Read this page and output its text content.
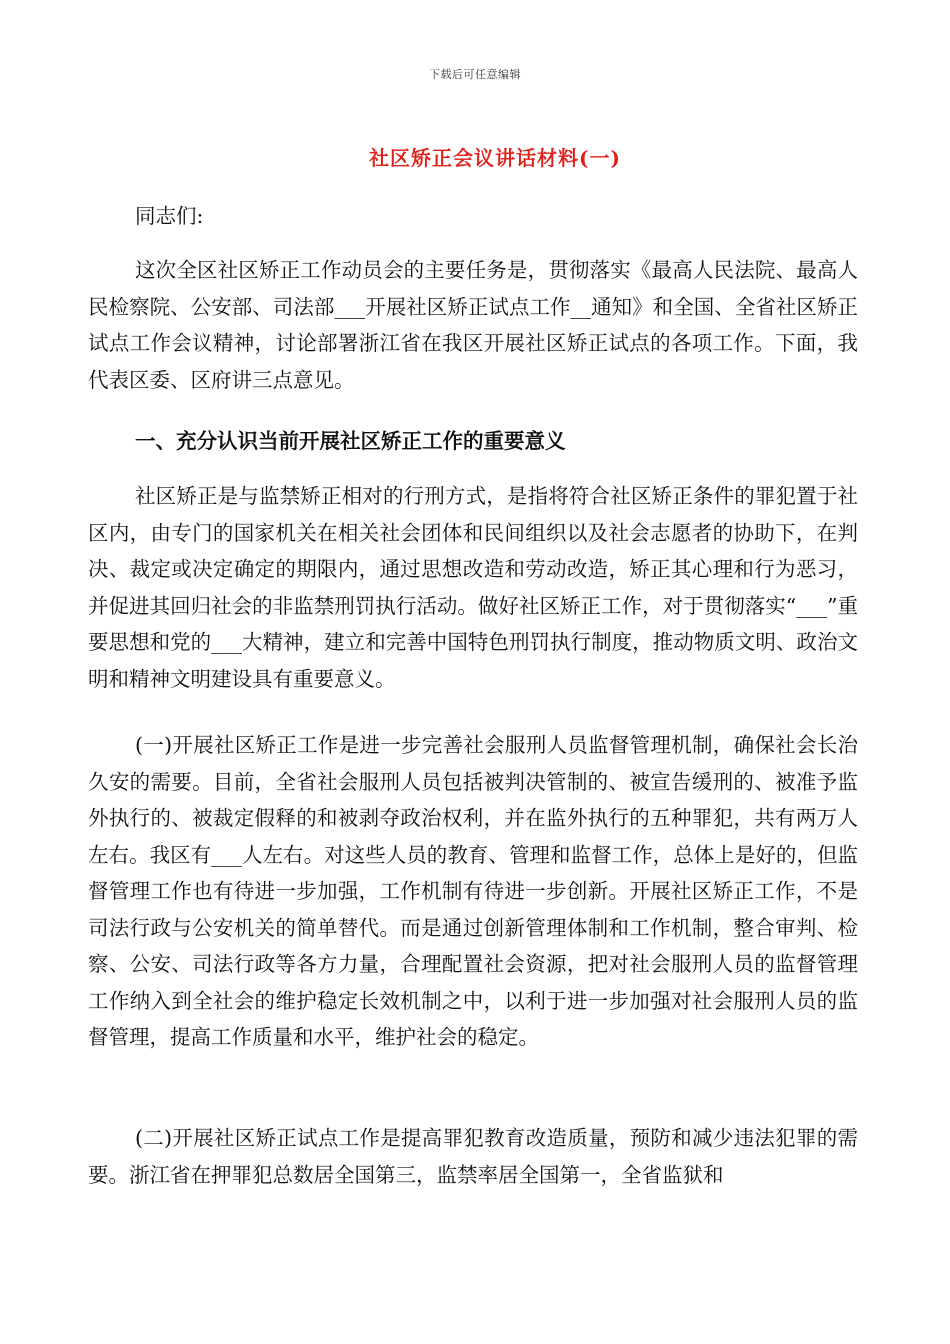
下载后可任意编辑
社区矫正会议讲话材料(一)

同志们:

这次全区社区矫正工作动员会的主要任务是，贯彻落实《最高人民法院、最高人民检察院、公安部、司法部___开展社区矫正试点工作__通知》和全国、全省社区矫正试点工作会议精神，讨论部署浙江省在我区开展社区矫正试点的各项工作。下面，我代表区委、区府讲三点意见。

一、充分认识当前开展社区矫正工作的重要意义

社区矫正是与监禁矫正相对的行刑方式，是指将符合社区矫正条件的罪犯置于社区内，由专门的国家机关在相关社会团体和民间组织以及社会志愿者的协助下，在判决、裁定或决定确定的期限内，通过思想改造和劳动改造，矫正其心理和行为恶习，并促进其回归社会的非监禁刑罚执行活动。做好社区矫正工作，对于贯彻落实“___”重要思想和党的___大精神，建立和完善中国特色刑罚执行制度，推动物质文明、政治文明和精神文明建设具有重要意义。

(一)开展社区矫正工作是进一步完善社会服刑人员监督管理机制，确保社会长治久安的需要。目前，全省社会服刑人员包括被判决管制的、被宣告缓刑的、被准予监外执行的、被裁定假释的和被剥夺政治权利，并在监外执行的五种罪犯，共有两万人左右。我区有___人左右。对这些人员的教育、管理和监督工作，总体上是好的，但监督管理工作也有待进一步加强，工作机制有待进一步创新。开展社区矫正工作，不是司法行政与公安机关的简单替代。而是通过创新管理体制和工作机制，整合审判、检察、公安、司法行政等各方力量，合理配置社会资源，把对社会服刑人员的监督管理工作纳入到全社会的维护稳定长效机制之中，以利于进一步加强对社会服刑人员的监督管理，提高工作质量和水平，维护社会的稳定。

(二)开展社区矫正试点工作是提高罪犯教育改造质量，预防和减少违法犯罪的需要。浙江省在押罪犯总数居全国第三，监禁率居全国第一，全省监狱和
